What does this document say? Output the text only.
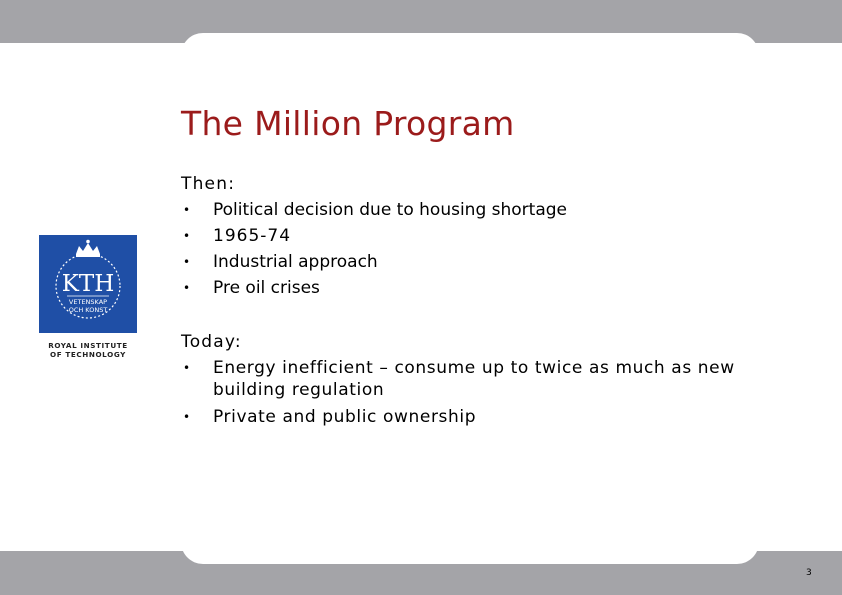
KTH
VETENSKAP
OCH KONST
ROYAL INSTITUTE
OF TECHNOLOGY
The Million Program
Then:
• Political decision due to housing shortage
• 1965-74
• Industrial approach
• Pre oil crises
Today:
• Energy inefficient – consume up to twice as much as new building regulation
• Private and public ownership
3
